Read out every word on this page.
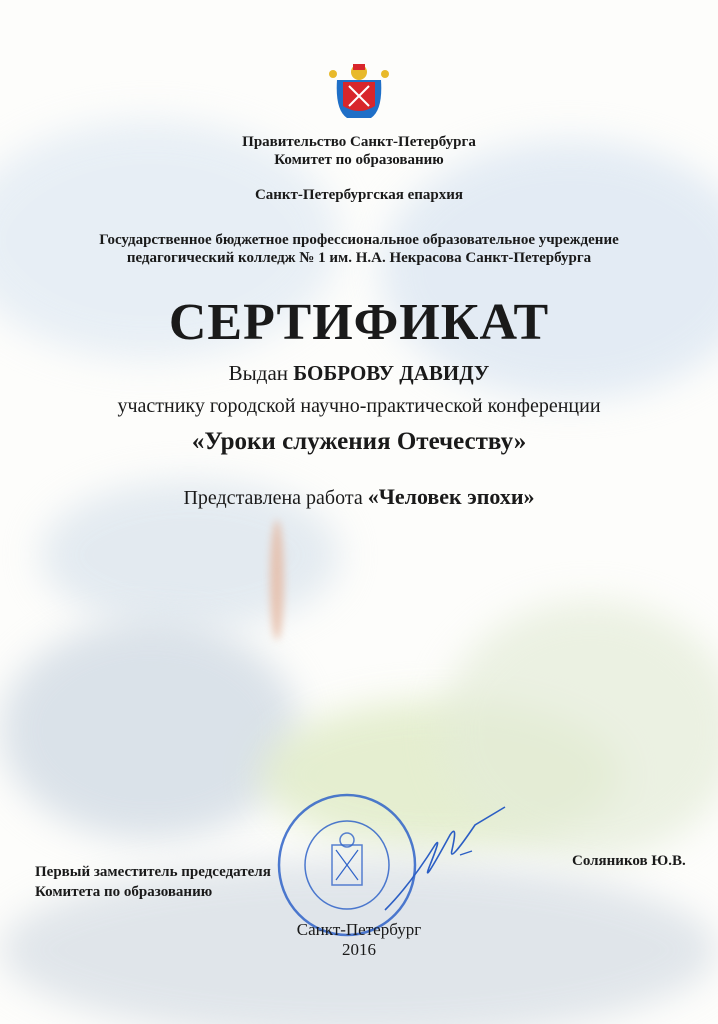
Правительство Санкт-Петербурга
Комитет по образованию
Санкт-Петербургская епархия
Государственное бюджетное профессиональное образовательное учреждение
педагогический колледж № 1 им. Н.А. Некрасова Санкт-Петербурга
СЕРТИФИКАТ
Выдан БОБРОВУ ДАВИДУ
участнику городской научно-практической конференции
«Уроки служения Отечеству»
Представлена работа «Человек эпохи»
Первый заместитель председателя
Комитета по образованию
Соляников Ю.В.
Санкт-Петербург
2016
